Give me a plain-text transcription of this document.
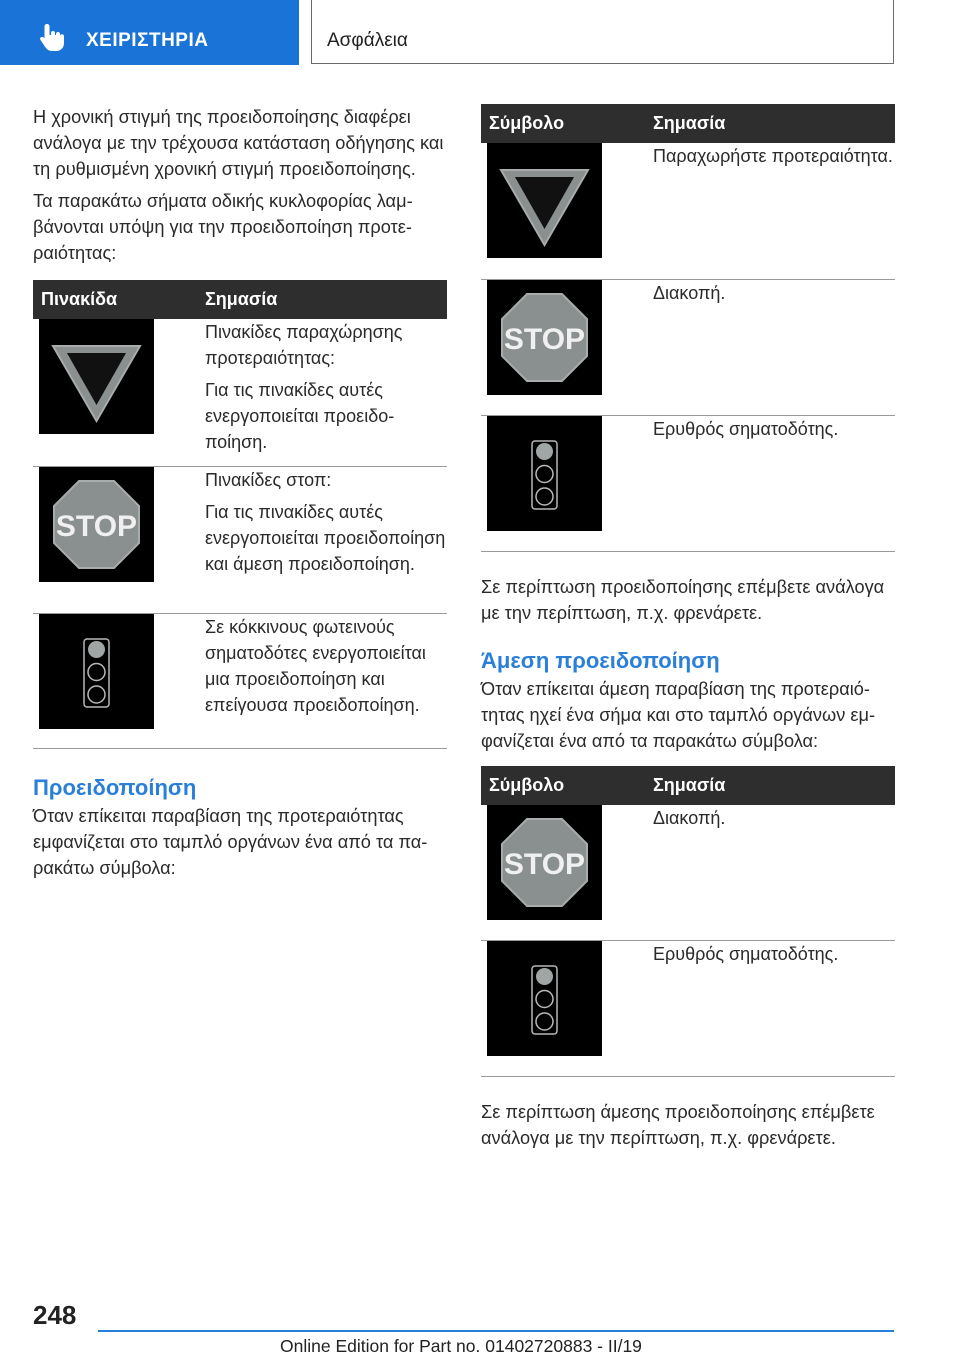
ΧΕΙΡΙΣΤΗΡΙΑ	Ασφάλεια

Η χρονική στιγμή της προειδοποίησης διαφέρει ανάλογα με την τρέχουσα κατάσταση οδήγησης και τη ρυθμισμένη χρονική στιγμή προειδοποίησης.

Τα παρακάτω σήματα οδικής κυκλοφορίας λαμβάνονται υπόψη για την προειδοποίηση προτεραιότητας:

Πινακίδα	Σημασία

Πινακίδες παραχώρησης προτεραιότητας:

Για τις πινακίδες αυτές ενεργοποιείται προειδοποίηση.

STOP	Πινακίδες στοπ:

Για τις πινακίδες αυτές ενεργοποιείται προειδοποίηση και άμεση προειδοποίηση.

Σε κόκκινους φωτεινούς σηματοδότες ενεργοποιείται μια προειδοποίηση και επείγουσα προειδοποίηση.

Προειδοποίηση

Όταν επίκειται παραβίαση της προτεραιότητας εμφανίζεται στο ταμπλό οργάνων ένα από τα παρακάτω σύμβολα:

Σύμβολο	Σημασία

Παραχωρήστε προτεραιότητα.

STOP	Διακοπή.

Ερυθρός σηματοδότης.

Σε περίπτωση προειδοποίησης επέμβετε ανάλογα με την περίπτωση, π.χ. φρενάρετε.

Άμεση προειδοποίηση

Όταν επίκειται άμεση παραβίαση της προτεραιότητας ηχεί ένα σήμα και στο ταμπλό οργάνων εμφανίζεται ένα από τα παρακάτω σύμβολα:

Σύμβολο	Σημασία

STOP	Διακοπή.

Ερυθρός σηματοδότης.

Σε περίπτωση άμεσης προειδοποίησης επέμβετε ανάλογα με την περίπτωση, π.χ. φρενάρετε.

248
Online Edition for Part no. 01402720883 - II/19
